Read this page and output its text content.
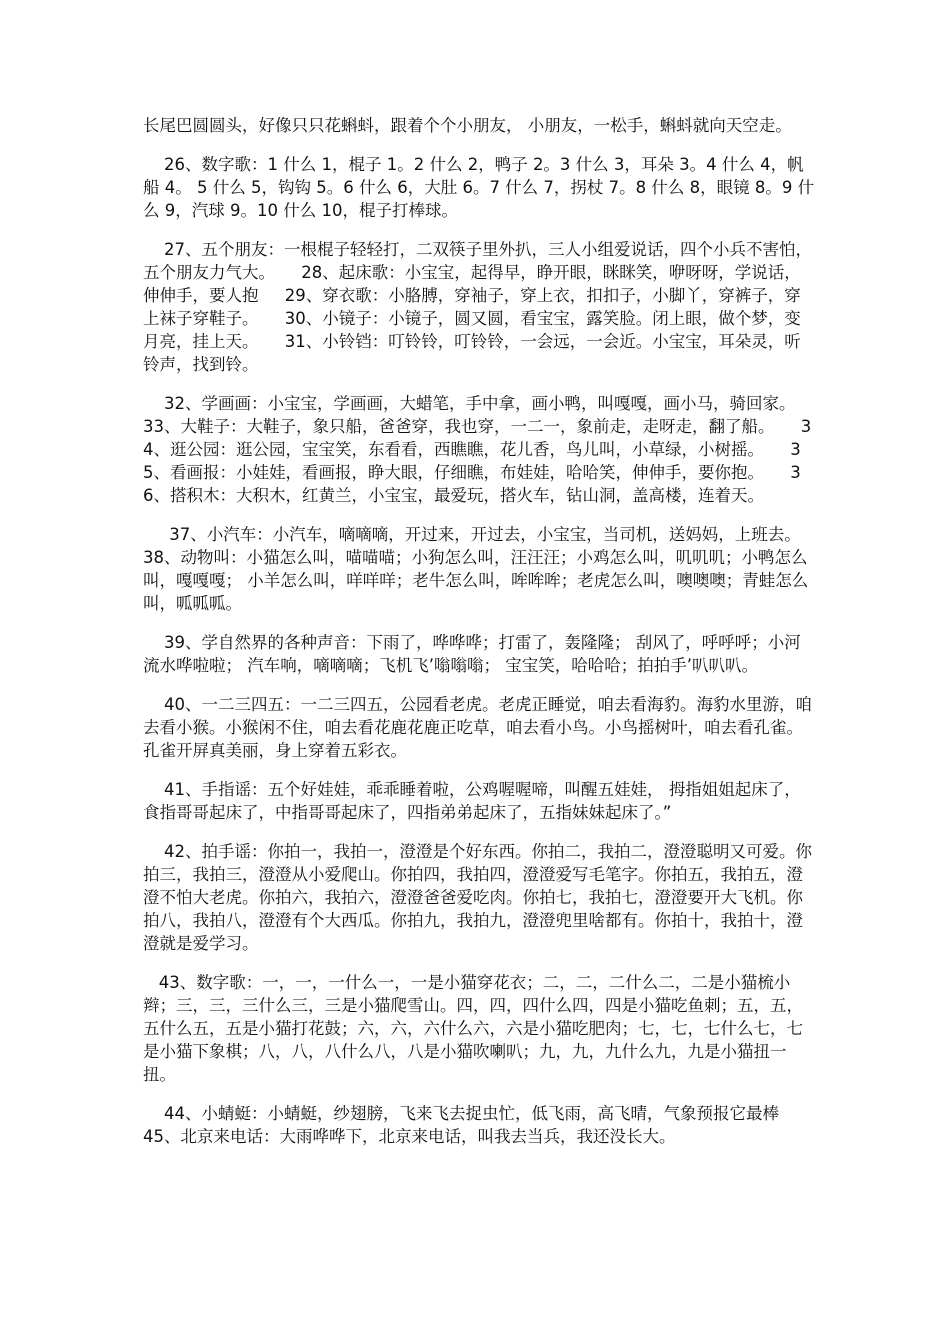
长尾巴圆圆头，好像只只花蝌蚪，跟着个个小朋友， 小朋友，一松手，蝌蚪就向天空走。

26、数字歌：1 什么 1，棍子 1。2 什么 2，鸭子 2。3 什么 3，耳朵 3。4 什么 4，帆船 4。 5 什么 5，钩钩 5。6 什么 6，大肚 6。7 什么 7，拐杖 7。8 什么 8，眼镜 8。9 什么 9，汽球 9。10 什么 10，棍子打棒球。

27、五个朋友：一根棍子轻轻打，二双筷子里外扒，三人小组爱说话，四个小兵不害怕， 五个朋友力气大。     28、起床歌：小宝宝，起得早，睁开眼，眯眯笑，咿呀呀，学说话，伸伸手，要人抱     29、穿衣歌：小胳膊，穿袖子，穿上衣，扣扣子，小脚丫，穿裤子，穿上袜子穿鞋子。     30、小镜子：小镜子，圆又圆，看宝宝，露笑脸。闭上眼，做个梦，变月亮，挂上天。     31、小铃铛：叮铃铃，叮铃铃，一会远，一会近。小宝宝，耳朵灵，听铃声，找到铃。

32、学画画：小宝宝，学画画，大蜡笔，手中拿，画小鸭，叫嘎嘎，画小马，骑回家。     33、大鞋子：大鞋子，象只船，爸爸穿，我也穿，一二一，象前走，走呀走，翻了船。     34、逛公园：逛公园，宝宝笑，东看看，西瞧瞧，花儿香，鸟儿叫，小草绿，小树摇。     35、看画报：小娃娃，看画报，睁大眼，仔细瞧，布娃娃，哈哈笑，伸伸手，要你抱。     36、搭积木：大积木，红黄兰，小宝宝，最爱玩，搭火车，钻山洞，盖高楼，连着天。

37、小汽车：小汽车，嘀嘀嘀，开过来，开过去，小宝宝，当司机，送妈妈，上班去。     38、动物叫：小猫怎么叫，喵喵喵；小狗怎么叫，汪汪汪；小鸡怎么叫，叽叽叽；小鸭怎么叫，嘎嘎嘎； 小羊怎么叫，咩咩咩；老牛怎么叫，哞哞哞；老虎怎么叫，噢噢噢；青蛙怎么叫，呱呱呱。

39、学自然界的各种声音：下雨了，哗哗哗；打雷了，轰隆隆； 刮风了，呼呼呼；小河流水哗啦啦； 汽车响，嘀嘀嘀；飞机飞’嗡嗡嗡； 宝宝笑，哈哈哈；拍拍手’叭叭叭。

40、一二三四五：一二三四五，公园看老虎。老虎正睡觉，咱去看海豹。海豹水里游，咱去看小猴。小猴闲不住，咱去看花鹿花鹿正吃草，咱去看小鸟。小鸟摇树叶，咱去看孔雀。孔雀开屏真美丽，身上穿着五彩衣。

41、手指谣：五个好娃娃，乖乖睡着啦，公鸡喔喔啼，叫醒五娃娃， 拇指姐姐起床了，食指哥哥起床了，中指哥哥起床了，四指弟弟起床了，五指妹妹起床了。”

42、拍手谣：你拍一，我拍一，澄澄是个好东西。你拍二，我拍二，澄澄聪明又可爱。你拍三，我拍三，澄澄从小爱爬山。你拍四，我拍四，澄澄爱写毛笔字。你拍五，我拍五，澄澄不怕大老虎。你拍六，我拍六，澄澄爸爸爱吃肉。你拍七，我拍七，澄澄要开大飞机。你拍八，我拍八，澄澄有个大西瓜。你拍九，我拍九，澄澄兜里啥都有。你拍十，我拍十，澄澄就是爱学习。

43、数字歌：一，一，一什么一，一是小猫穿花衣；二，二，二什么二，二是小猫梳小辫；三，三，三什么三，三是小猫爬雪山。四，四，四什么四，四是小猫吃鱼刺；五，五，五什么五，五是小猫打花鼓；六，六，六什么六，六是小猫吃肥肉；七，七，七什么七，七是小猫下象棋；八，八，八什么八，八是小猫吹喇叭；九，九，九什么九，九是小猫扭一扭。

44、小蜻蜓：小蜻蜓，纱翅膀，飞来飞去捉虫忙，低飞雨，高飞晴，气象预报它最棒     45、北京来电话：大雨哗哗下，北京来电话，叫我去当兵，我还没长大。
